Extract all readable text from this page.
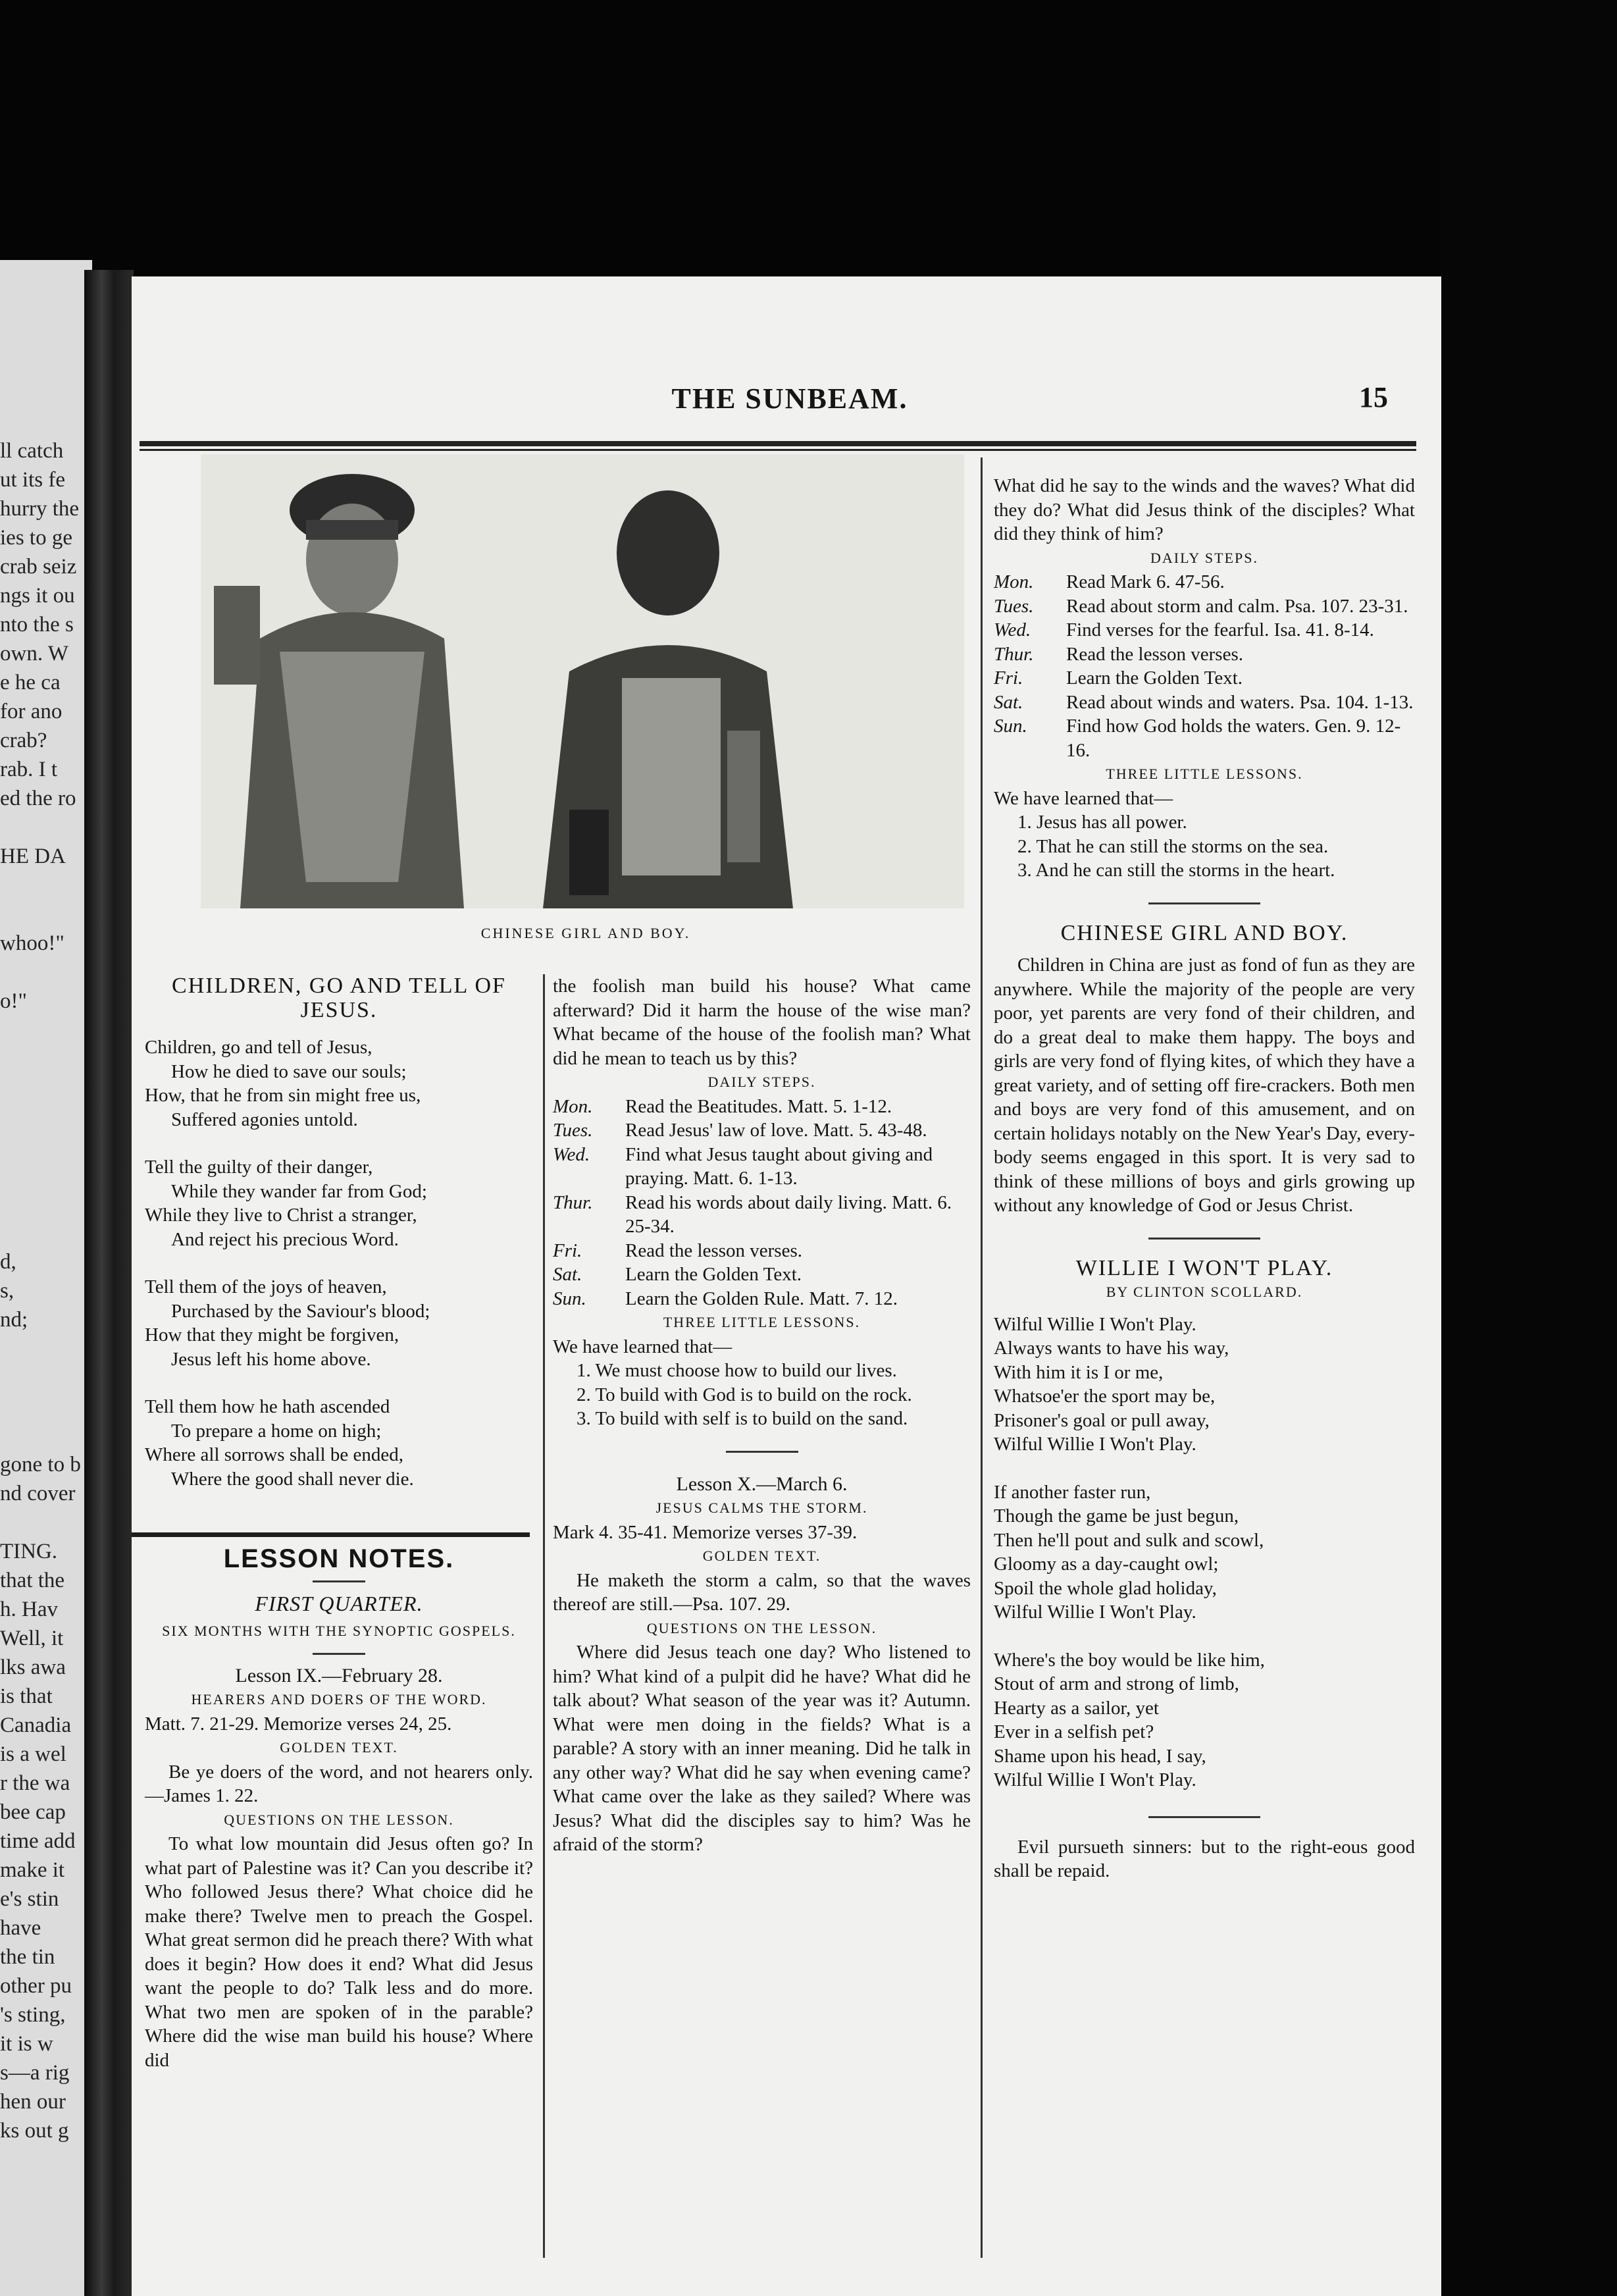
ll catch
ut its fe
hurry the
ies to ge
crab seiz
ngs it ou
nto the s
own. W
e he ca
for ano
crab?
rab. I t
ed the ro
HE DA
whoo!"
o!"
d,
s,
nd;
gone to b
nd cover
TING.
that the
h. Hav
Well, it
lks awa
is that
Canadia
is a wel
r the wa
bee cap
time add
make it
e's stin
have
the tin
other pu
's sting,
it is w
s—a rig
hen our
ks out g
THE SUNBEAM.	15
CHINESE GIRL AND BOY.
CHILDREN, GO AND TELL OF JESUS.

Children, go and tell of Jesus,

How he died to save our souls;

How, that he from sin might free us,

Suffered agonies untold.

Tell the guilty of their danger,

While they wander far from God;

While they live to Christ a stranger,

And reject his precious Word.

Tell them of the joys of heaven,

Purchased by the Saviour's blood;

How that they might be forgiven,

Jesus left his home above.

Tell them how he hath ascended

To prepare a home on high;

Where all sorrows shall be ended,

Where the good shall never die.

LESSON NOTES.
FIRST QUARTER.
SIX MONTHS WITH THE SYNOPTIC GOSPELS.
Lesson IX.—February 28.
HEARERS AND DOERS OF THE WORD.
Matt. 7. 21-29. Memorize verses 24, 25.
GOLDEN TEXT.

Be ye doers of the word, and not hearers only.—James 1. 22.

QUESTIONS ON THE LESSON.

To what low mountain did Jesus often go? In what part of Palestine was it? Can you describe it? Who followed Jesus there? What choice did he make there? Twelve men to preach the Gospel. What great sermon did he preach there? With what does it begin? How does it end? What did Jesus want the people to do? Talk less and do more. What two men are spoken of in the parable? Where did the wise man build his house? Where did

the foolish man build his house? What came afterward? Did it harm the house of the wise man? What became of the house of the foolish man? What did he mean to teach us by this?

DAILY STEPS.
Mon.	Read the Beatitudes. Matt. 5. 1-12.
Tues.	Read Jesus' law of love. Matt. 5. 43-48.
Wed.	Find what Jesus taught about giving and praying. Matt. 6. 1-13.
Thur.	Read his words about daily living. Matt. 6. 25-34.
Fri.	Read the lesson verses.
Sat.	Learn the Golden Text.
Sun.	Learn the Golden Rule. Matt. 7. 12.
THREE LITTLE LESSONS.
We have learned that—

1. We must choose how to build our lives.

2. To build with God is to build on the rock.

3. To build with self is to build on the sand.

Lesson X.—March 6.
JESUS CALMS THE STORM.
Mark 4. 35-41. Memorize verses 37-39.
GOLDEN TEXT.

He maketh the storm a calm, so that the waves thereof are still.—Psa. 107. 29.

QUESTIONS ON THE LESSON.

Where did Jesus teach one day? Who listened to him? What kind of a pulpit did he have? What did he talk about? What season of the year was it? Autumn. What were men doing in the fields? What is a parable? A story with an inner meaning. Did he talk in any other way? What did he say when evening came? What came over the lake as they sailed? Where was Jesus? What did the disciples say to him? Was he afraid of the storm?

What did he say to the winds and the waves? What did they do? What did Jesus think of the disciples? What did they think of him?

DAILY STEPS.
Mon.	Read Mark 6. 47-56.
Tues.	Read about storm and calm. Psa. 107. 23-31.
Wed.	Find verses for the fearful. Isa. 41. 8-14.
Thur.	Read the lesson verses.
Fri.	Learn the Golden Text.
Sat.	Read about winds and waters. Psa. 104. 1-13.
Sun.	Find how God holds the waters. Gen. 9. 12-16.
THREE LITTLE LESSONS.
We have learned that—

1. Jesus has all power.

2. That he can still the storms on the sea.

3. And he can still the storms in the heart.

CHINESE GIRL AND BOY.

Children in China are just as fond of fun as they are anywhere. While the majority of the people are very poor, yet parents are very fond of their children, and do a great deal to make them happy. The boys and girls are very fond of flying kites, of which they have a great variety, and of setting off fire-crackers. Both men and boys are very fond of this amusement, and on certain holidays notably on the New Year's Day, every-body seems engaged in this sport. It is very sad to think of these millions of boys and girls growing up without any knowledge of God or Jesus Christ.

WILLIE I WON'T PLAY.
BY CLINTON SCOLLARD.

Wilful Willie I Won't Play.

Always wants to have his way,

With him it is I or me,

Whatsoe'er the sport may be,

Prisoner's goal or pull away,

Wilful Willie I Won't Play.

If another faster run,

Though the game be just begun,

Then he'll pout and sulk and scowl,

Gloomy as a day-caught owl;

Spoil the whole glad holiday,

Wilful Willie I Won't Play.

Where's the boy would be like him,

Stout of arm and strong of limb,

Hearty as a sailor, yet

Ever in a selfish pet?

Shame upon his head, I say,

Wilful Willie I Won't Play.

Evil pursueth sinners: but to the right-eous good shall be repaid.
